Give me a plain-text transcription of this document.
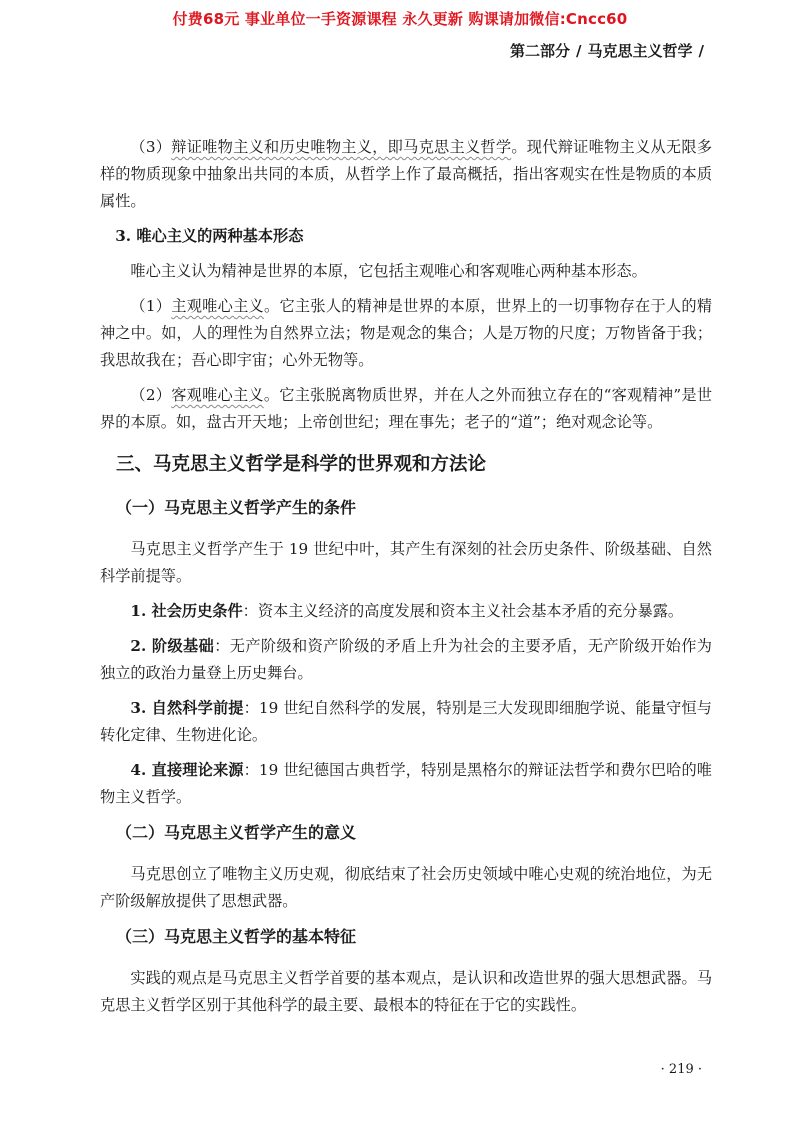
付费68元 事业单位一手资源课程 永久更新 购课请加微信:Cncc60
第二部分 / 马克思主义哲学 /

（3）辩证唯物主义和历史唯物主义，即马克思主义哲学。现代辩证唯物主义从无限多样的物质现象中抽象出共同的本质，从哲学上作了最高概括，指出客观实在性是物质的本质属性。

3. 唯心主义的两种基本形态

唯心主义认为精神是世界的本原，它包括主观唯心和客观唯心两种基本形态。

（1）主观唯心主义。它主张人的精神是世界的本原，世界上的一切事物存在于人的精神之中。如，人的理性为自然界立法；物是观念的集合；人是万物的尺度；万物皆备于我；我思故我在；吾心即宇宙；心外无物等。

（2）客观唯心主义。它主张脱离物质世界，并在人之外而独立存在的“客观精神”是世界的本原。如，盘古开天地；上帝创世纪；理在事先；老子的“道”；绝对观念论等。

三、马克思主义哲学是科学的世界观和方法论
（一）马克思主义哲学产生的条件

马克思主义哲学产生于 19 世纪中叶，其产生有深刻的社会历史条件、阶级基础、自然科学前提等。

1. 社会历史条件：资本主义经济的高度发展和资本主义社会基本矛盾的充分暴露。

2. 阶级基础：无产阶级和资产阶级的矛盾上升为社会的主要矛盾，无产阶级开始作为独立的政治力量登上历史舞台。

3. 自然科学前提：19 世纪自然科学的发展，特别是三大发现即细胞学说、能量守恒与转化定律、生物进化论。

4. 直接理论来源：19 世纪德国古典哲学，特别是黑格尔的辩证法哲学和费尔巴哈的唯物主义哲学。

（二）马克思主义哲学产生的意义

马克思创立了唯物主义历史观，彻底结束了社会历史领域中唯心史观的统治地位，为无产阶级解放提供了思想武器。

（三）马克思主义哲学的基本特征

实践的观点是马克思主义哲学首要的基本观点，是认识和改造世界的强大思想武器。马克思主义哲学区别于其他科学的最主要、最根本的特征在于它的实践性。

· 219 ·
